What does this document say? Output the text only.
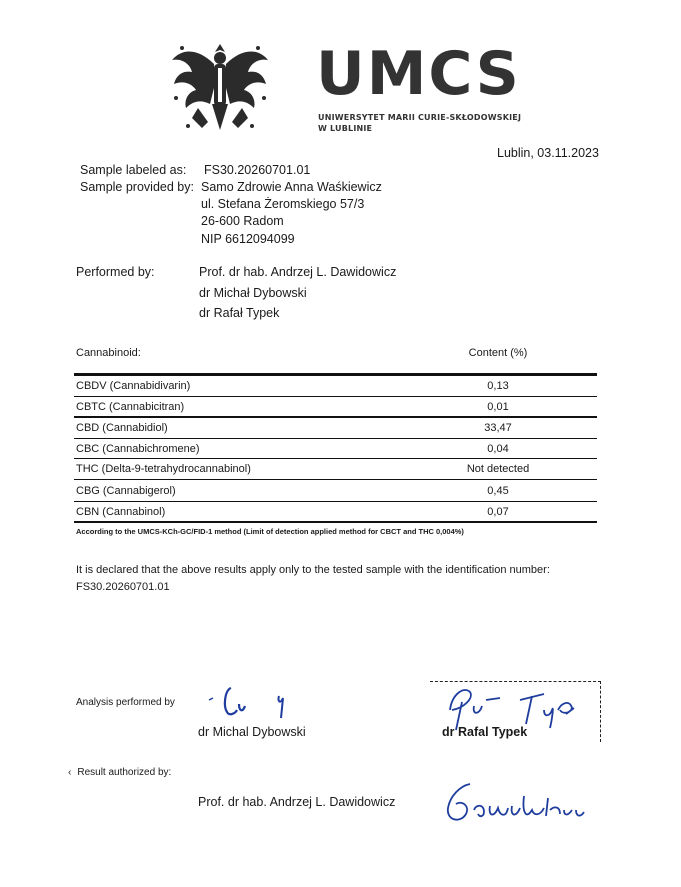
UMCS
UNIWERSYTET MARII CURIE-SKŁODOWSKIEJ
W LUBLINIE
Lublin, 03.11.2023
Sample labeled as: FS30.20260701.01
Sample provided by: Samo Zdrowie Anna Waśkiewicz
ul. Stefana Żeromskiego 57/3
26-600 Radom
NIP 6612094099
Performed by:	Prof. dr hab. Andrzej L. Dawidowicz
dr Michał Dybowski
dr Rafał Typek
Cannabinoid:	Content (%)
CBDV (Cannabidivarin)	0,13
CBTC (Cannabicitran)	0,01
CBD (Cannabidiol)	33,47
CBC (Cannabichromene)	0,04
THC (Delta-9-tetrahydrocannabinol)	Not detected
CBG (Cannabigerol)	0,45
CBN (Cannabinol)	0,07
According to the UMCS-KCh-GC/FID-1 method (Limit of detection applied method for CBCT and THC 0,004%)
It is declared that the above results apply only to the tested sample with the identification number:
FS30.20260701.01
Analysis performed by
dr Michal Dybowski	dr Rafal Typek
‹ Result authorized by:
Prof. dr hab. Andrzej L. Dawidowicz
